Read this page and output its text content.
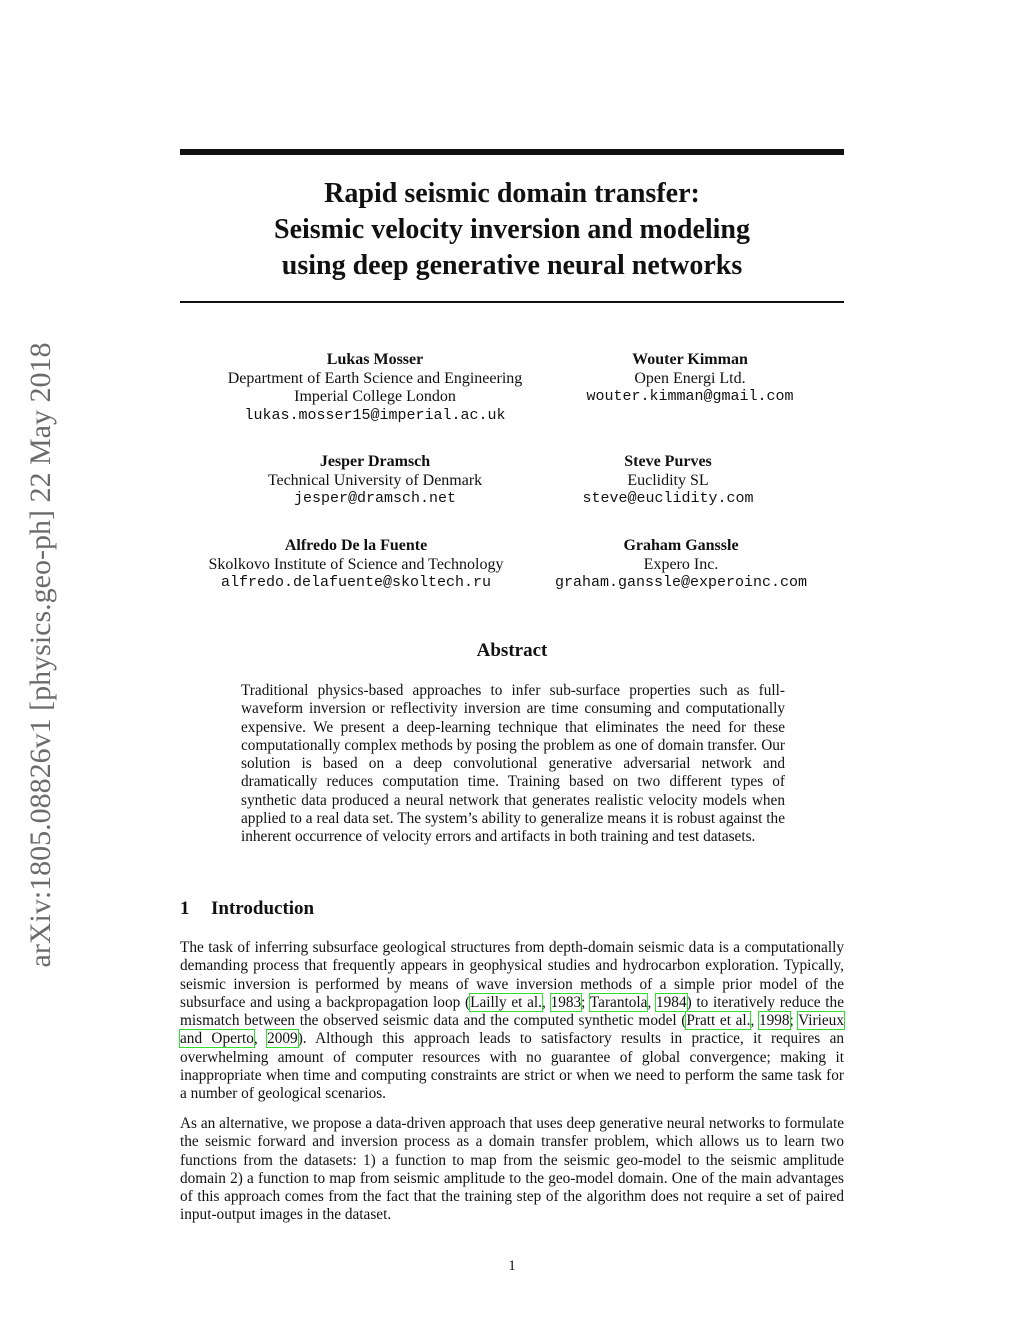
arXiv:1805.08826v1 [physics.geo-ph] 22 May 2018
Rapid seismic domain transfer:
Seismic velocity inversion and modeling
using deep generative neural networks
Lukas Mosser
Department of Earth Science and Engineering
Imperial College London
lukas.mosser15@imperial.ac.uk
Wouter Kimman
Open Energi Ltd.
wouter.kimman@gmail.com
Jesper Dramsch
Technical University of Denmark
jesper@dramsch.net
Steve Purves
Euclidity SL
steve@euclidity.com
Alfredo De la Fuente
Skolkovo Institute of Science and Technology
alfredo.delafuente@skoltech.ru
Graham Ganssle
Expero Inc.
graham.ganssle@experoinc.com
Abstract
Traditional physics-based approaches to infer sub-surface properties such as full-waveform inversion or reflectivity inversion are time consuming and computationally expensive. We present a deep-learning technique that eliminates the need for these computationally complex methods by posing the problem as one of domain transfer. Our solution is based on a deep convolutional generative adversarial network and dramatically reduces computation time. Training based on two different types of synthetic data produced a neural network that generates realistic velocity models when applied to a real data set. The system’s ability to generalize means it is robust against the inherent occurrence of velocity errors and artifacts in both training and test datasets.
1 Introduction
The task of inferring subsurface geological structures from depth-domain seismic data is a computationally demanding process that frequently appears in geophysical studies and hydrocarbon exploration. Typically, seismic inversion is performed by means of wave inversion methods of a simple prior model of the subsurface and using a backpropagation loop (Lailly et al., 1983; Tarantola, 1984) to iteratively reduce the mismatch between the observed seismic data and the computed synthetic model (Pratt et al., 1998; Virieux and Operto, 2009). Although this approach leads to satisfactory results in practice, it requires an overwhelming amount of computer resources with no guarantee of global convergence; making it inappropriate when time and computing constraints are strict or when we need to perform the same task for a number of geological scenarios.
As an alternative, we propose a data-driven approach that uses deep generative neural networks to formulate the seismic forward and inversion process as a domain transfer problem, which allows us to learn two functions from the datasets: 1) a function to map from the seismic geo-model to the seismic amplitude domain 2) a function to map from seismic amplitude to the geo-model domain. One of the main advantages of this approach comes from the fact that the training step of the algorithm does not require a set of paired input-output images in the dataset.
1
